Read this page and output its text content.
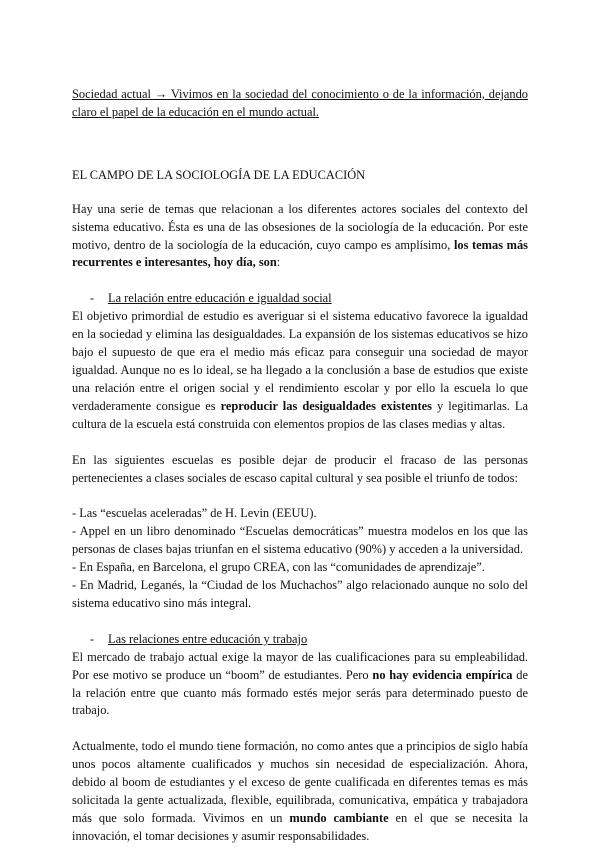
Sociedad actual → Vivimos en la sociedad del conocimiento o de la información, dejando claro el papel de la educación en el mundo actual.

EL CAMPO DE LA SOCIOLOGÍA DE LA EDUCACIÓN

Hay una serie de temas que relacionan a los diferentes actores sociales del contexto del sistema educativo. Ésta es una de las obsesiones de la sociología de la educación. Por este motivo, dentro de la sociología de la educación, cuyo campo es amplísimo, los temas más recurrentes e interesantes, hoy día, son:

- La relación entre educación e igualdad social

El objetivo primordial de estudio es averiguar si el sistema educativo favorece la igualdad en la sociedad y elimina las desigualdades. La expansión de los sistemas educativos se hizo bajo el supuesto de que era el medio más eficaz para conseguir una sociedad de mayor igualdad. Aunque no es lo ideal, se ha llegado a la conclusión a base de estudios que existe una relación entre el origen social y el rendimiento escolar y por ello la escuela lo que verdaderamente consigue es reproducir las desigualdades existentes y legitimarlas. La cultura de la escuela está construida con elementos propios de las clases medias y altas.

En las siguientes escuelas es posible dejar de producir el fracaso de las personas pertenecientes a clases sociales de escaso capital cultural y sea posible el triunfo de todos:

- Las “escuelas aceleradas” de H. Levin (EEUU).

- Appel en un libro denominado “Escuelas democráticas” muestra modelos en los que las personas de clases bajas triunfan en el sistema educativo (90%) y acceden a la universidad.

- En España, en Barcelona, el grupo CREA, con las “comunidades de aprendizaje”.

- En Madrid, Leganés, la “Ciudad de los Muchachos” algo relacionado aunque no solo del sistema educativo sino más integral.

- Las relaciones entre educación y trabajo

El mercado de trabajo actual exige la mayor de las cualificaciones para su empleabilidad. Por ese motivo se produce un “boom” de estudiantes. Pero no hay evidencia empírica de la relación entre que cuanto más formado estés mejor serás para determinado puesto de trabajo.

Actualmente, todo el mundo tiene formación, no como antes que a principios de siglo había unos pocos altamente cualificados y muchos sin necesidad de especialización. Ahora, debido al boom de estudiantes y el exceso de gente cualificada en diferentes temas es más solicitada la gente actualizada, flexible, equilibrada, comunicativa, empática y trabajadora más que solo formada. Vivimos en un mundo cambiante en el que se necesita la innovación, el tomar decisiones y asumir responsabilidades.
